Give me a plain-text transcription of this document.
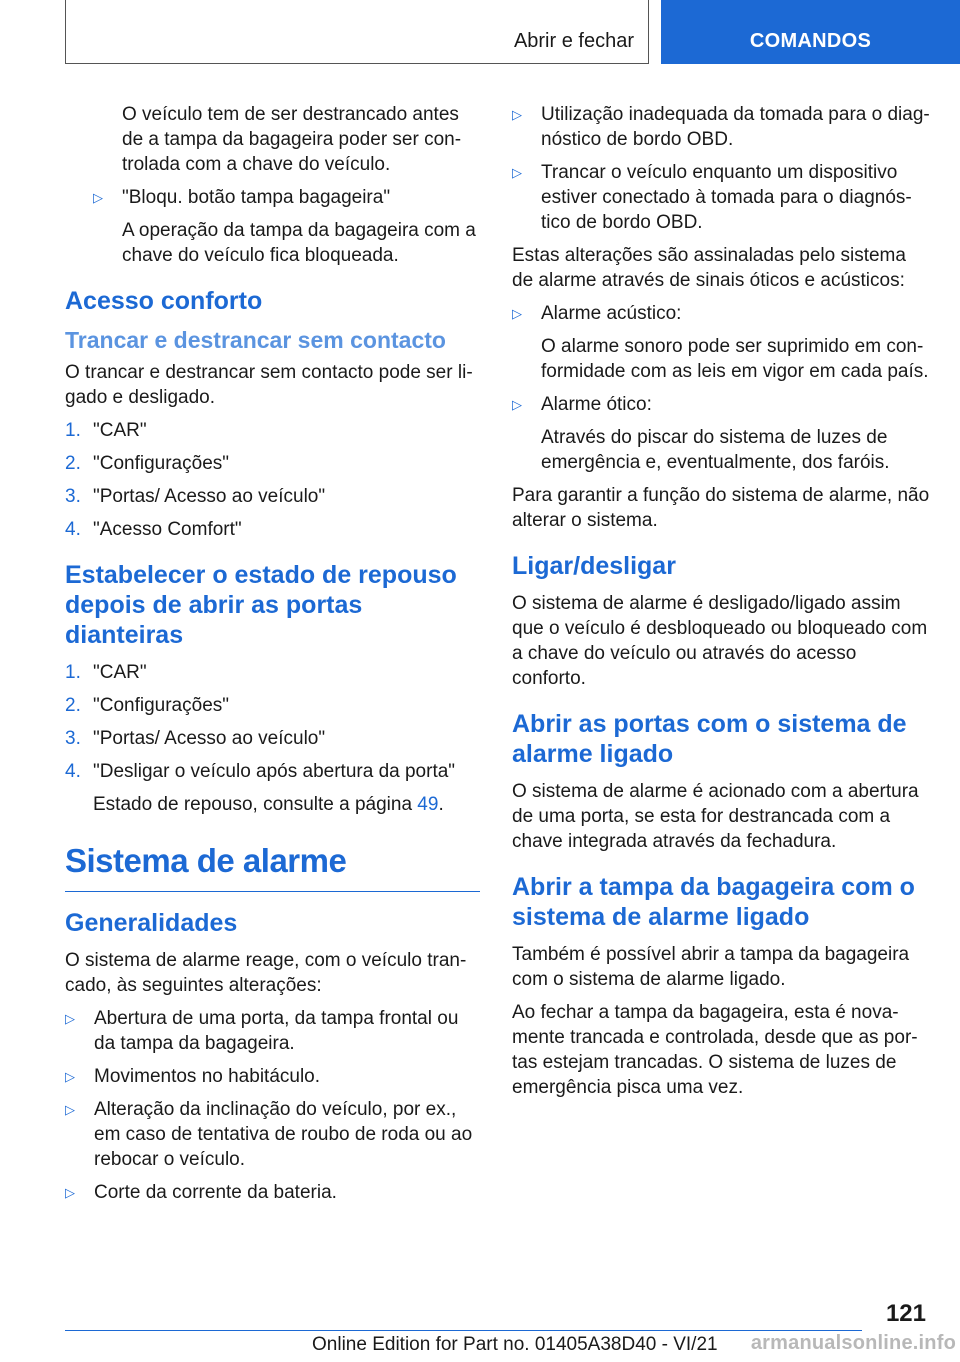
Abrir e fechar	COMANDOS

O veículo tem de ser destrancado antes de a tampa da bagageira poder ser controlada com a chave do veículo.

▷ "Bloqu. botão tampa bagageira"

A operação da tampa da bagageira com a chave do veículo fica bloqueada.

Acesso conforto
Trancar e destrancar sem contacto

O trancar e destrancar sem contacto pode ser ligado e desligado.

1. "CAR"
2. "Configurações"
3. "Portas/ Acesso ao veículo"
4. "Acesso Comfort"
Estabelecer o estado de repouso depois de abrir as portas dianteiras
1. "CAR"
2. "Configurações"
3. "Portas/ Acesso ao veículo"
4. "Desligar o veículo após abertura da porta"

Estado de repouso, consulte a página 49.

Sistema de alarme
Generalidades

O sistema de alarme reage, com o veículo trancado, às seguintes alterações:

▷ Abertura de uma porta, da tampa frontal ou da tampa da bagageira.
▷ Movimentos no habitáculo.
▷ Alteração da inclinação do veículo, por ex., em caso de tentativa de roubo de roda ou ao rebocar o veículo.
▷ Corte da corrente da bateria.
▷ Utilização inadequada da tomada para o diagnóstico de bordo OBD.
▷ Trancar o veículo enquanto um dispositivo estiver conectado à tomada para o diagnóstico de bordo OBD.

Estas alterações são assinaladas pelo sistema de alarme através de sinais óticos e acústicos:

▷ Alarme acústico:

O alarme sonoro pode ser suprimido em conformidade com as leis em vigor em cada país.

▷ Alarme ótico:

Através do piscar do sistema de luzes de emergência e, eventualmente, dos faróis.

Para garantir a função do sistema de alarme, não alterar o sistema.

Ligar/desligar

O sistema de alarme é desligado/ligado assim que o veículo é desbloqueado ou bloqueado com a chave do veículo ou através do acesso conforto.

Abrir as portas com o sistema de alarme ligado

O sistema de alarme é acionado com a abertura de uma porta, se esta for destrancada com a chave integrada através da fechadura.

Abrir a tampa da bagageira com o sistema de alarme ligado

Também é possível abrir a tampa da bagageira com o sistema de alarme ligado.

Ao fechar a tampa da bagageira, esta é novamente trancada e controlada, desde que as portas estejam trancadas. O sistema de luzes de emergência pisca uma vez.

121
Online Edition for Part no. 01405A38D40 - VI/21 armanualsonline.info
